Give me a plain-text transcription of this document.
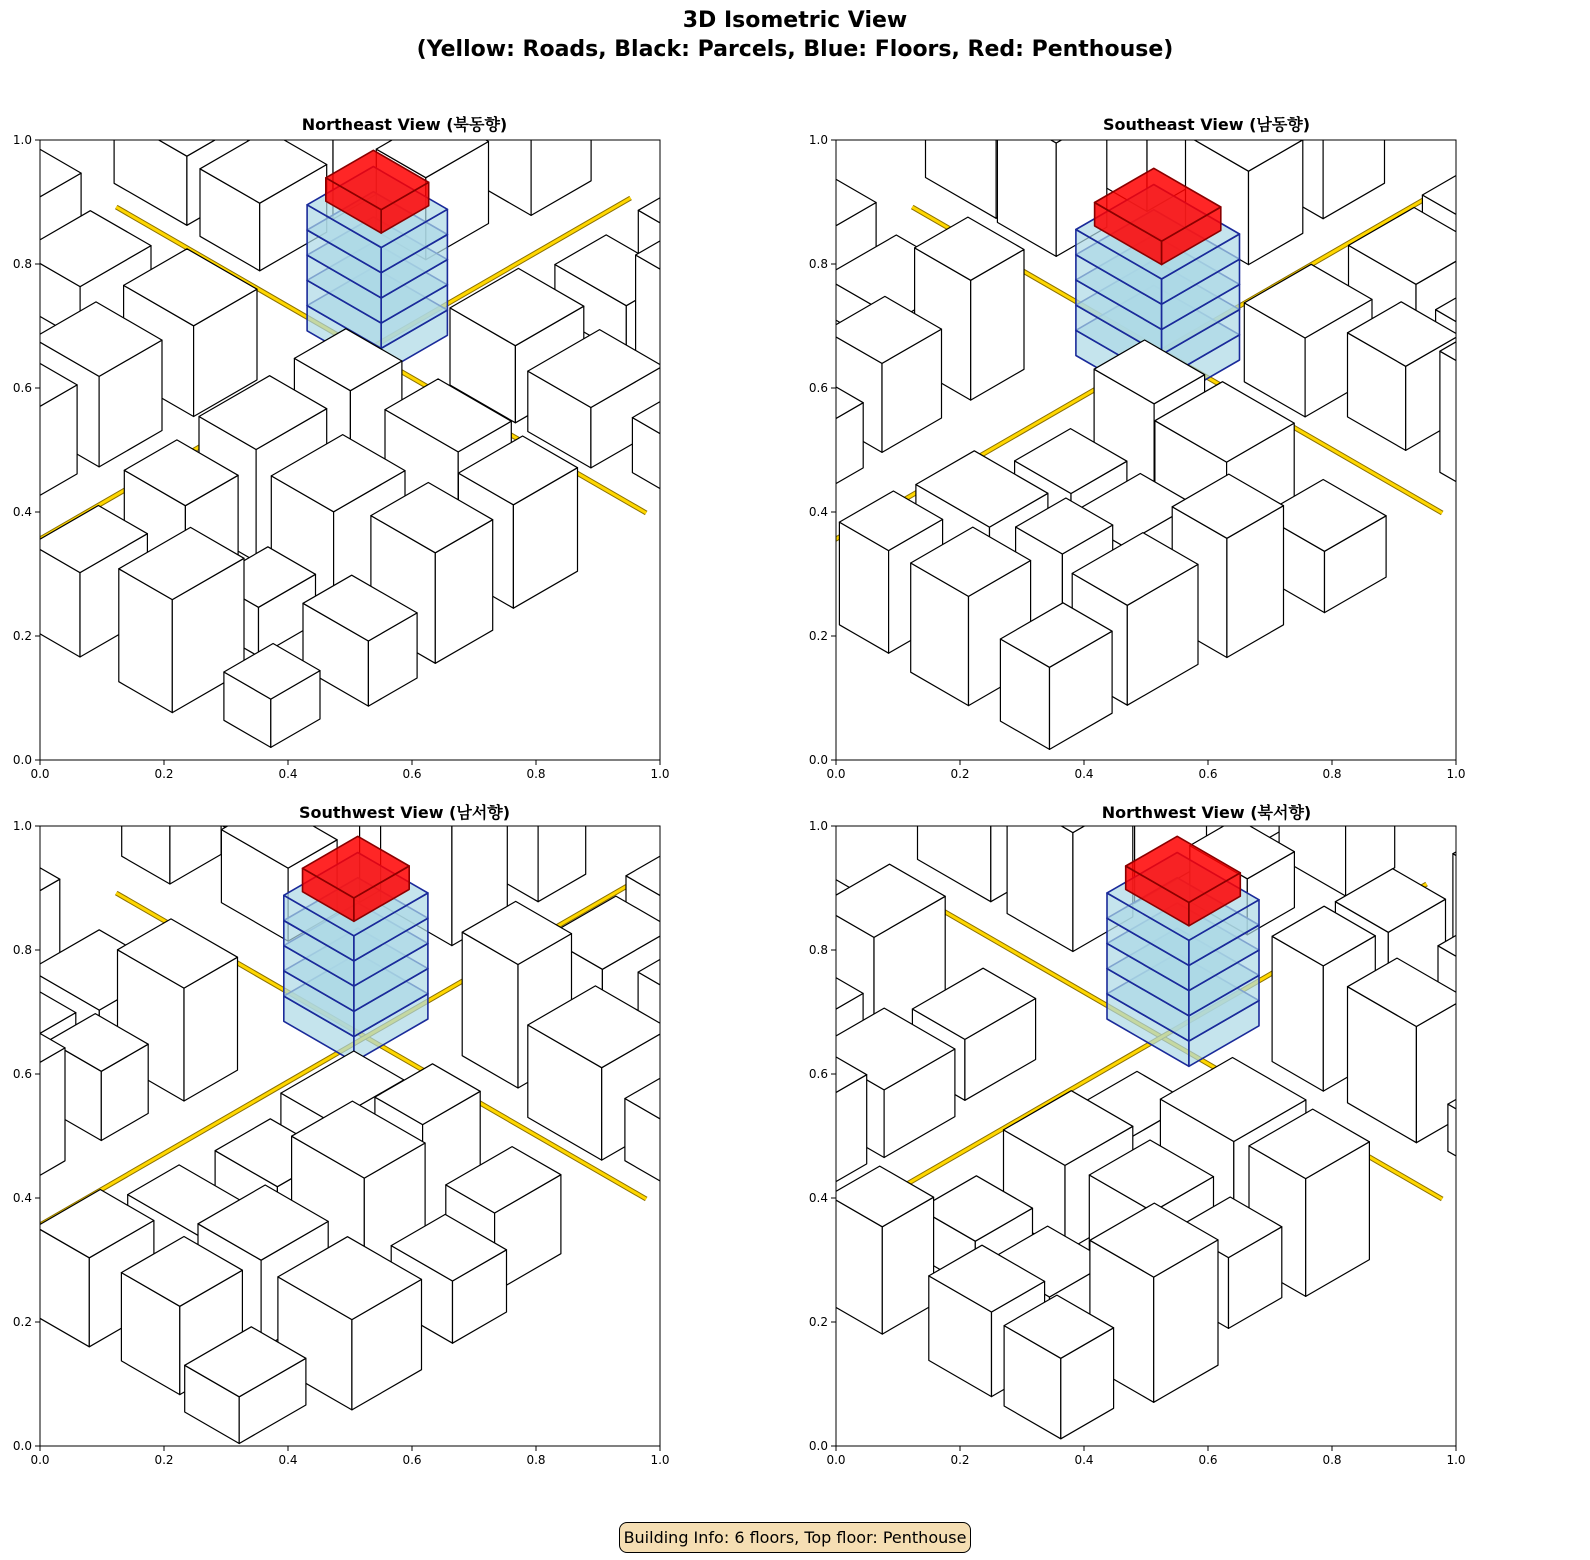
3D Isometric View
(Yellow: Roads, Black: Parcels, Blue: Floors, Red: Penthouse)
Northeast View (북동향)	Southeast View (남동향)
Southwest View (남서향)	Northwest View (북서향)
0.0	0.2	0.4	0.6	0.8	1.0
0.0
0.2
0.4
0.6
0.8
1.0
0.0	0.2	0.4	0.6	0.8	1.0
0.0
0.2
0.4
0.6
0.8
1.0
0.0	0.2	0.4	0.6	0.8	1.0
0.0
0.2
0.4
0.6
0.8
1.0
0.0	0.2	0.4	0.6	0.8	1.0
0.0
0.2
0.4
0.6
0.8
1.0
Building Info: 6 floors, Top floor: Penthouse
